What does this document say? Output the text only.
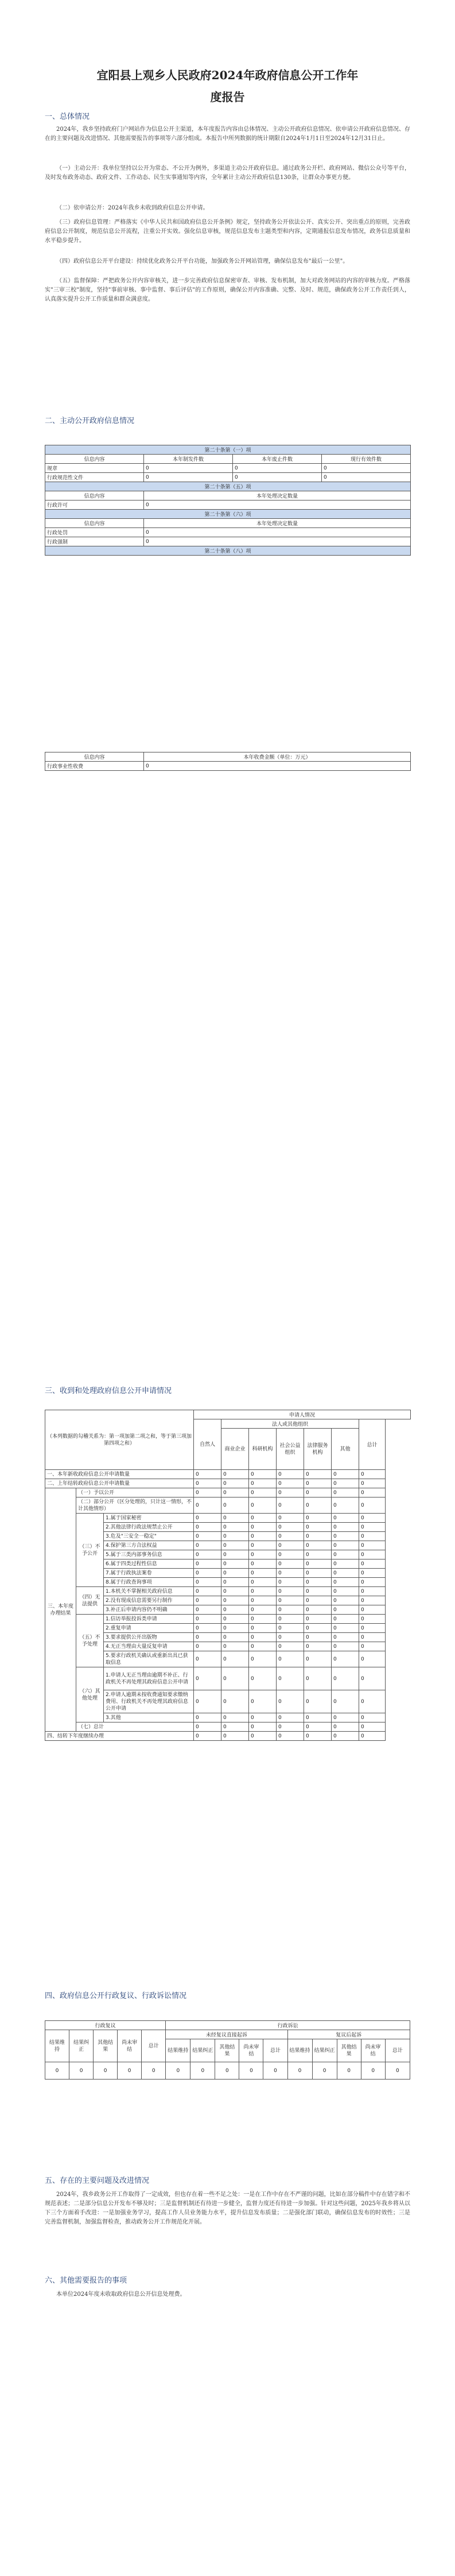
宜阳县上观乡人民政府2024年政府信息公开工作年
度报告
一、总体情况
2024年，我乡坚持政府门户网站作为信息公开主渠道，本年度报告内容由总体情况、主动公开政府信息情况、依申请公开政府信息情况、存在的主要问题及改进情况、其他需要报告的事项等六部分组成。本报告中所列数据的统计期限自2024年1月1日至2024年12月31日止。
（一）主动公开：我单位坚持以公开为常态、不公开为例外，多渠道主动公开政府信息。通过政务公开栏、政府网站、微信公众号等平台，及时发布政务动态、政府文件、工作动态、民生实事通知等内容，全年累计主动公开政府信息130条，让群众办事更方便。
（二）依申请公开：2024年我乡未收到政府信息公开申请。
（三）政府信息管理：严格落实《中华人民共和国政府信息公开条例》规定，坚持政务公开依法公开、真实公开、突出重点的原则，完善政府信息公开制度，规范信息公开流程，注重公开实效。强化信息审核，规范信息发布主题类型和内容，定期通报信息发布情况，政务信息质量和水平稳步提升。
（四）政府信息公开平台建设：持续优化政务公开平台功能，加强政务公开网站管理，确保信息发布"最后一公里"。
（五）监督保障：严把政务公开内容审核关，进一步完善政府信息保密审查、审核、发布机制，加大对政务网站的内容的审核力度。严格落实"三审三校"制度，坚持"事前审核、事中监督、事后评估"的工作原则，确保公开内容准确、完整、及时、规范，确保政务公开工作责任到人，认真落实提升公开工作质量和群众满意度。
二、主动公开政府信息情况
第二十条第（一）项			
信息内容	本年制发件数	本年废止件数	现行有效件数
规章	0	0	0
行政规范性文件	0	0	0
第二十条第（五）项			
信息内容	本年处理决定数量		
行政许可	0		
第二十条第（六）项			
信息内容	本年处理决定数量		
行政处罚	0		
行政强制	0		
第二十条第（八）项			
信息内容	本年收费金额（单位：万元）
行政事业性收费	0
三、收到和处理政府信息公开申请情况
（本列数据的勾稽关系为：第一项加第二项之和，等于第三项加第四项之和）			申请人情况						
			自然人	法人或其他组织					总计
				商业企业	科研机构	社会公益组织	法律服务机构	其他	
一、本年新收政府信息公开申请数量			0	0	0	0	0	0	0
二、上年结转政府信息公开申请数量			0	0	0	0	0	0	0
三、本年度办理结果	（一）予以公开		0	0	0	0	0	0	0
	（二）部分公开（区分处理的，只计这一情形，不计其他情形）		0	0	0	0	0	0	0
	（三）不予公开	1.属于国家秘密	0	0	0	0	0	0	0
		2.其他法律行政法规禁止公开	0	0	0	0	0	0	0
		3.危及"三安全一稳定"	0	0	0	0	0	0	0
		4.保护第三方合法权益	0	0	0	0	0	0	0
		5.属于三类内部事务信息	0	0	0	0	0	0	0
		6.属于四类过程性信息	0	0	0	0	0	0	0
		7.属于行政执法案卷	0	0	0	0	0	0	0
		8.属于行政查询事项	0	0	0	0	0	0	0
	（四）无法提供	1.本机关不掌握相关政府信息	0	0	0	0	0	0	0
		2.没有现成信息需要另行制作	0	0	0	0	0	0	0
		3.补正后申请内容仍不明确	0	0	0	0	0	0	0
	（五）不予处理	1.信访举报投诉类申请	0	0	0	0	0	0	0
		2.重复申请	0	0	0	0	0	0	0
		3.要求提供公开出版物	0	0	0	0	0	0	0
		4.无正当理由大量反复申请	0	0	0	0	0	0	0
		5.要求行政机关确认或重新出具已获取信息	0	0	0	0	0	0	0
	（六）其他处理	1.申请人无正当理由逾期不补正、行政机关不再处理其政府信息公开申请	0	0	0	0	0	0	0
		2.申请人逾期未按收费通知要求缴纳费用、行政机关不再处理其政府信息公开申请	0	0	0	0	0	0	0
		3.其他	0	0	0	0	0	0	0
	（七）总计		0	0	0	0	0	0	0
四、结转下年度继续办理			0	0	0	0	0	0	0
四、政府信息公开行政复议、行政诉讼情况
行政复议					行政诉讼									
结果维持	结果纠正	其他结果	尚未审结	总计	未经复议直接起诉					复议后起诉				
					结果维持	结果纠正	其他结果	尚未审结	总计	结果维持	结果纠正	其他结果	尚未审结	总计
0	0	0	0	0	0	0	0	0	0	0	0	0	0	0
五、存在的主要问题及改进情况
2024年，我乡政务公开工作取得了一定成效，但也存在着一些不足之处：一是在工作中存在不严谨的问题，比如在部分稿件中存在错字和不规范表述；二是部分信息公开发布不够及时；三是监督机制还有待进一步健全，监督力度还有待进一步加强。针对这些问题，2025年我乡将从以下三个方面着手改进：一是加强业务学习，提高工作人员业务能力水平，提升信息发布质量；二是强化部门联动，确保信息发布的时效性；三是完善监督机制，加强监督检查，推动政务公开工作规范化开展。
六、其他需要报告的事项
本单位2024年度未收取政府信息公开信息处理费。
